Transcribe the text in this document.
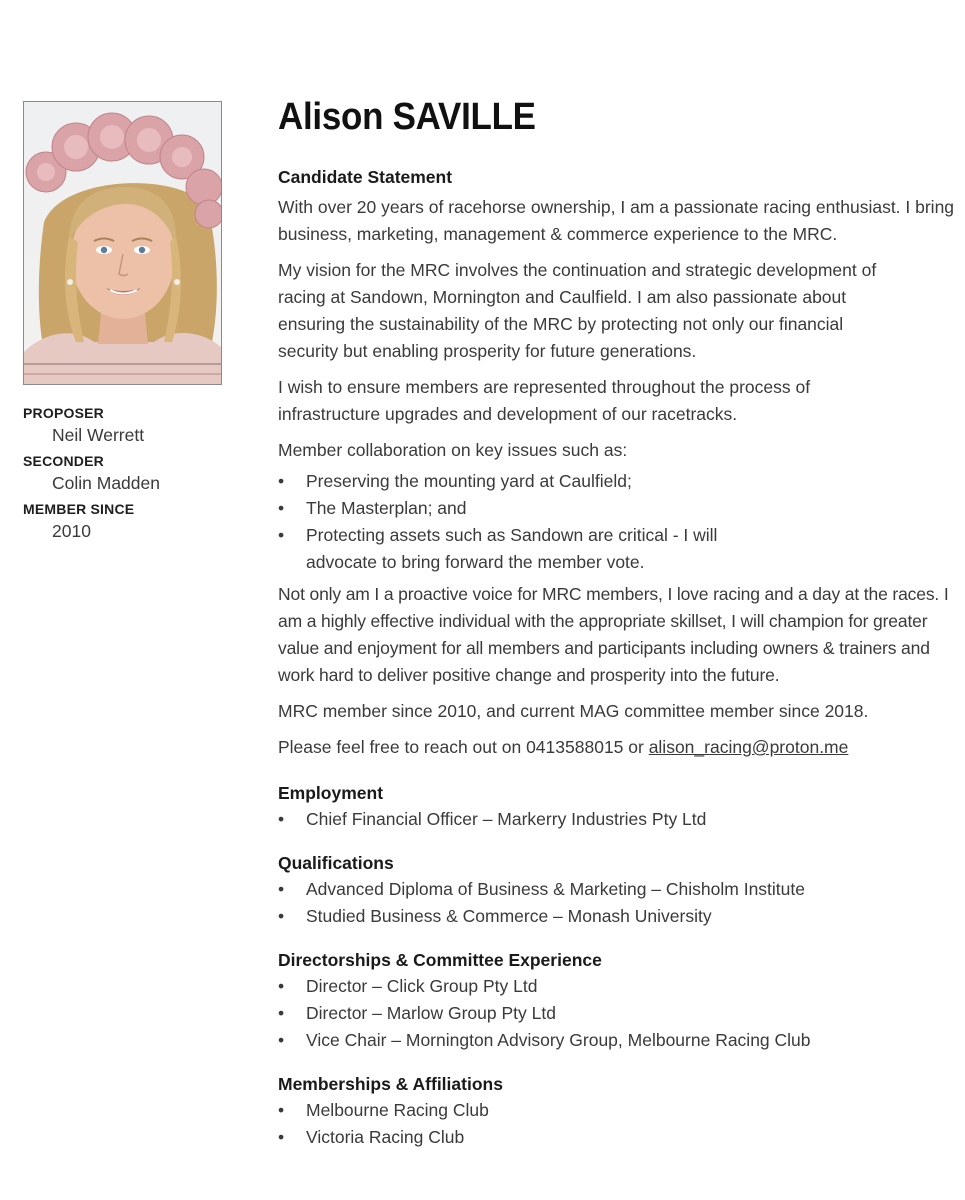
PROPOSER
Neil Werrett
SECONDER
Colin Madden
MEMBER SINCE
2010
Alison SAVILLE
Candidate Statement

With over 20 years of racehorse ownership, I am a passionate racing enthusiast. I bring business, marketing, management & commerce experience to the MRC.

My vision for the MRC involves the continuation and strategic development of racing at Sandown, Mornington and Caulfield. I am also passionate about ensuring the sustainability of the MRC by protecting not only our financial security but enabling prosperity for future generations.

I wish to ensure members are represented throughout the process of infrastructure upgrades and development of our racetracks.

Member collaboration on key issues such as:

• Preserving the mounting yard at Caulfield;
• The Masterplan; and
• Protecting assets such as Sandown are critical - I will advocate to bring forward the member vote.

Not only am I a proactive voice for MRC members, I love racing and a day at the races. I am a highly effective individual with the appropriate skillset, I will champion for greater value and enjoyment for all members and participants including owners & trainers and work hard to deliver positive change and prosperity into the future.

MRC member since 2010, and current MAG committee member since 2018.

Please feel free to reach out on 0413588015 or alison_racing@proton.me

Employment
• Chief Financial Officer – Markerry Industries Pty Ltd
Qualifications
• Advanced Diploma of Business & Marketing – Chisholm Institute
• Studied Business & Commerce – Monash University
Directorships & Committee Experience
• Director – Click Group Pty Ltd
• Director – Marlow Group Pty Ltd
• Vice Chair – Mornington Advisory Group, Melbourne Racing Club
Memberships & Affiliations
• Melbourne Racing Club
• Victoria Racing Club
